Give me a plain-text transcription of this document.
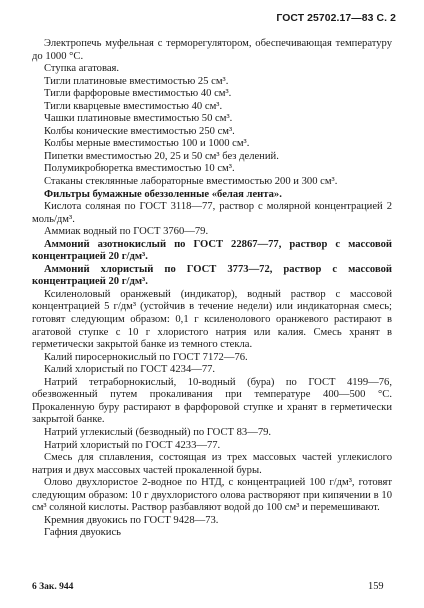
ГОСТ 25702.17—83 С. 2

Электропечь муфельная с терморегулятором, обеспечивающая температуру до 1000 °С.

Ступка агатовая.

Тигли платиновые вместимостью 25 см³.

Тигли фарфоровые вместимостью 40 см³.

Тигли кварцевые вместимостью 40 см³.

Чашки платиновые вместимостью 50 см³.

Колбы конические вместимостью 250 см³.

Колбы мерные вместимостью 100 и 1000 см³.

Пипетки вместимостью 20, 25 и 50 см³ без делений.

Полумикробюретка вместимостью 10 см³.

Стаканы стеклянные лабораторные вместимостью 200 и 300 см³.

Фильтры бумажные обеззоленные «белая лента».

Кислота соляная по ГОСТ 3118—77, раствор с молярной концентрацией 2 моль/дм³.

Аммиак водный по ГОСТ 3760—79.

Аммоний азотнокислый по ГОСТ 22867—77, раствор с массовой концентрацией 20 г/дм³.

Аммоний хлористый по ГОСТ 3773—72, раствор с массовой концентрацией 20 г/дм³.

Ксиленоловый оранжевый (индикатор), водный раствор с массовой концентрацией 5 г/дм³ (устойчив в течение недели) или индикаторная смесь; готовят следующим образом: 0,1 г ксиленолового оранжевого растирают в агатовой ступке с 10 г хлористого натрия или калия. Смесь хранят в герметически закрытой банке из темного стекла.

Калий пиросернокислый по ГОСТ 7172—76.

Калий хлористый по ГОСТ 4234—77.

Натрий тетраборнокислый, 10-водный (бура) по ГОСТ 4199—76, обезвоженный путем прокаливания при температуре 400—500 °С. Прокаленную буру растирают в фарфоровой ступке и хранят в герметически закрытой банке.

Натрий углекислый (безводный) по ГОСТ 83—79.

Натрий хлористый по ГОСТ 4233—77.

Смесь для сплавления, состоящая из трех массовых частей углекислого натрия и двух массовых частей прокаленной буры.

Олово двухлористое 2-водное по НТД, с концентрацией 100 г/дм³, готовят следующим образом: 10 г двухлористого олова растворяют при кипячении в 10 см³ соляной кислоты. Раствор разбавляют водой до 100 см³ и перемешивают.

Кремния двуокись по ГОСТ 9428—73.

Гафния двуокись

6 Зак. 944	159
